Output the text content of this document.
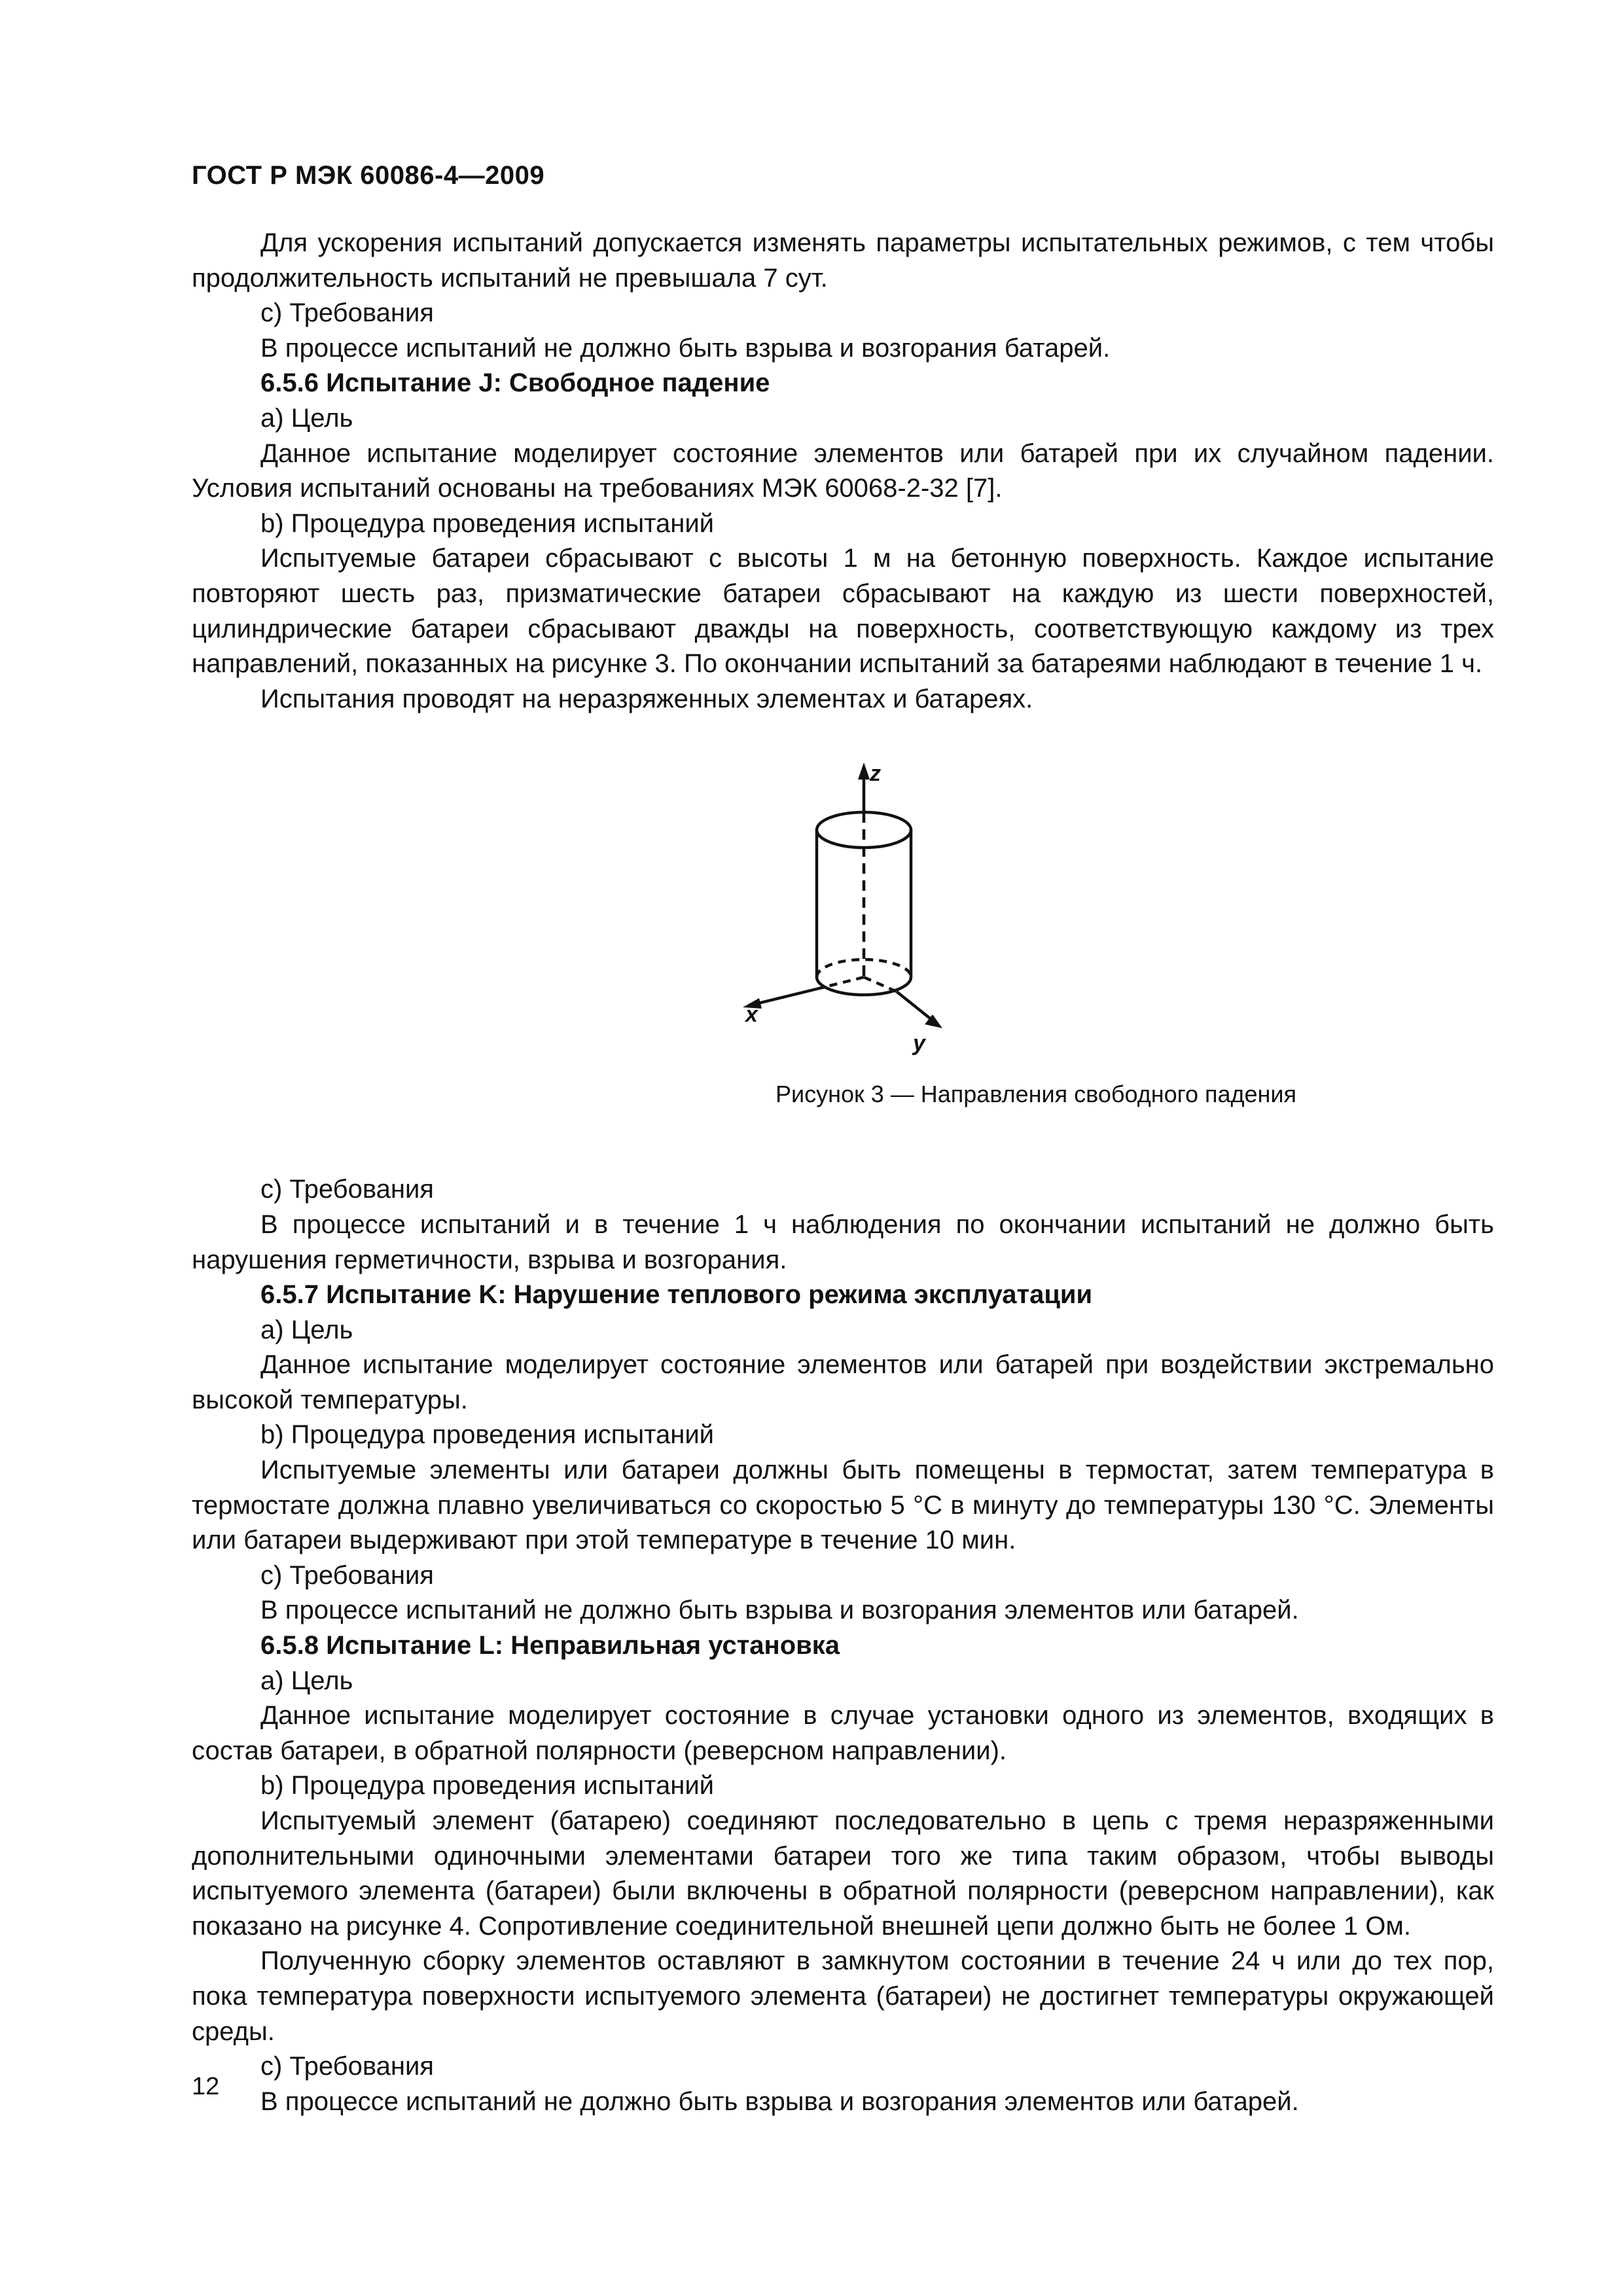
ГОСТ Р МЭК 60086-4—2009

Для ускорения испытаний допускается изменять параметры испытательных режимов, с тем чтобы продолжительность испытаний не превышала 7 сут.

с) Требования

В процессе испытаний не должно быть взрыва и возгорания батарей.

6.5.6 Испытание J: Свободное падение

а) Цель

Данное испытание моделирует состояние элементов или батарей при их случайном падении. Условия испытаний основаны на требованиях МЭК 60068-2-32 [7].

b) Процедура проведения испытаний

Испытуемые батареи сбрасывают с высоты 1 м на бетонную поверхность. Каждое испытание повторяют шесть раз, призматические батареи сбрасывают на каждую из шести поверхностей, цилиндрические батареи сбрасывают дважды на поверхность, соответствующую каждому из трех направлений, показанных на рисунке 3. По окончании испытаний за батареями наблюдают в течение 1 ч.

Испытания проводят на неразряженных элементах и батареях.

z
x
y
Рисунок 3 — Направления свободного падения

с) Требования

В процессе испытаний и в течение 1 ч наблюдения по окончании испытаний не должно быть нарушения герметичности, взрыва и возгорания.

6.5.7 Испытание K: Нарушение теплового режима эксплуатации

а) Цель

Данное испытание моделирует состояние элементов или батарей при воздействии экстремально высокой температуры.

b) Процедура проведения испытаний

Испытуемые элементы или батареи должны быть помещены в термостат, затем температура в термостате должна плавно увеличиваться со скоростью 5 °С в минуту до температуры 130 °С. Элементы или батареи выдерживают при этой температуре в течение 10 мин.

с) Требования

В процессе испытаний не должно быть взрыва и возгорания элементов или батарей.

6.5.8 Испытание L: Неправильная установка

а) Цель

Данное испытание моделирует состояние в случае установки одного из элементов, входящих в состав батареи, в обратной полярности (реверсном направлении).

b) Процедура проведения испытаний

Испытуемый элемент (батарею) соединяют последовательно в цепь с тремя неразряженными дополнительными одиночными элементами батареи того же типа таким образом, чтобы выводы испытуемого элемента (батареи) были включены в обратной полярности (реверсном направлении), как показано на рисунке 4. Сопротивление соединительной внешней цепи должно быть не более 1 Ом.

Полученную сборку элементов оставляют в замкнутом состоянии в течение 24 ч или до тех пор, пока температура поверхности испытуемого элемента (батареи) не достигнет температуры окружающей среды.

с) Требования

В процессе испытаний не должно быть взрыва и возгорания элементов или батарей.

12
